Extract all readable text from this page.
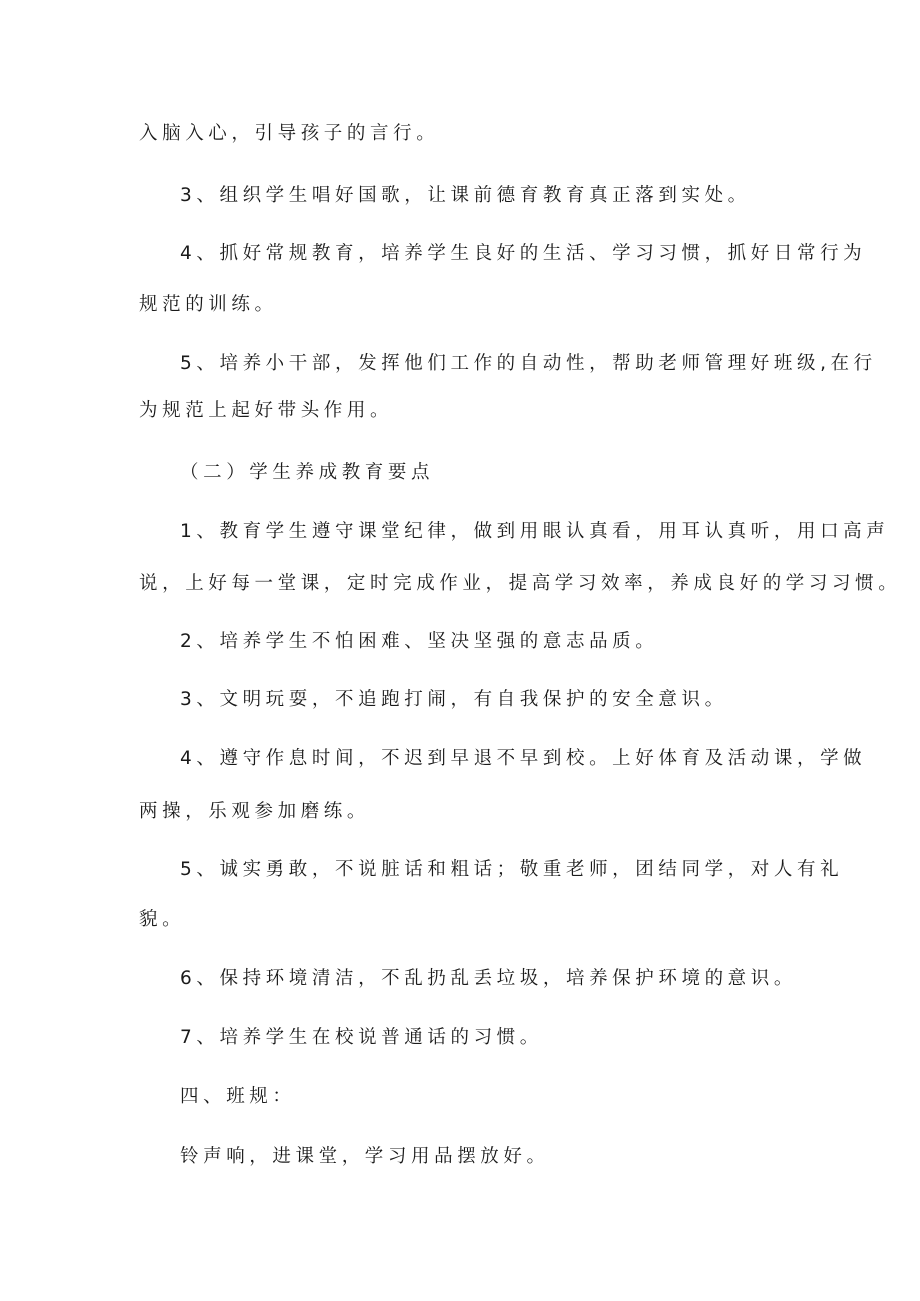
入脑入心，引导孩子的言行。
3、组织学生唱好国歌，让课前德育教育真正落到实处。
4、抓好常规教育，培养学生良好的生活、学习习惯，抓好日常行为
规范的训练。
5、培养小干部，发挥他们工作的自动性，帮助老师管理好班级,在行
为规范上起好带头作用。
（二）学生养成教育要点
1、教育学生遵守课堂纪律，做到用眼认真看，用耳认真听，用口高声
说，上好每一堂课，定时完成作业，提高学习效率，养成良好的学习习惯。
2、培养学生不怕困难、坚决坚强的意志品质。
3、文明玩耍，不追跑打闹，有自我保护的安全意识。
4、遵守作息时间，不迟到早退不早到校。上好体育及活动课，学做
两操，乐观参加磨练。
5、诚实勇敢，不说脏话和粗话；敬重老师，团结同学，对人有礼
貌。
6、保持环境清洁，不乱扔乱丢垃圾，培养保护环境的意识。
7、培养学生在校说普通话的习惯。
四、班规：
铃声响，进课堂，学习用品摆放好。
